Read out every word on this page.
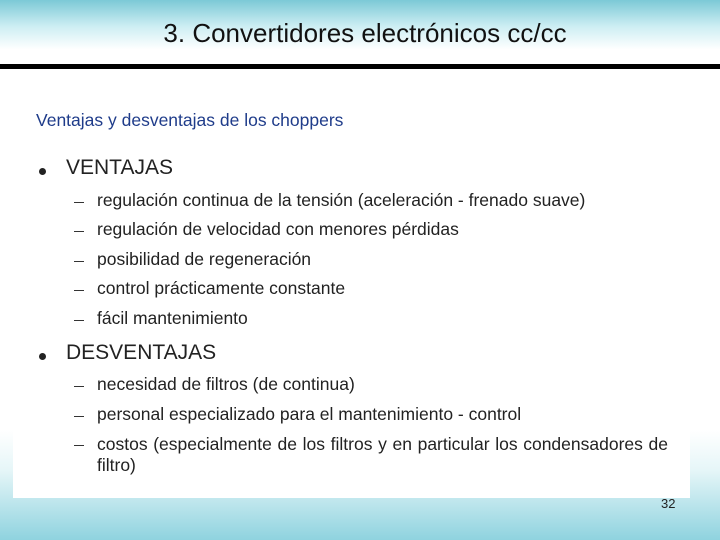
3. Convertidores electrónicos cc/cc
Ventajas y desventajas de los choppers
VENTAJAS
regulación continua de la tensión (aceleración - frenado suave)
regulación de velocidad con menores pérdidas
posibilidad de regeneración
control prácticamente constante
fácil mantenimiento
DESVENTAJAS
necesidad de filtros (de continua)
personal especializado para el mantenimiento - control
costos (especialmente de los filtros y en particular los condensadores de filtro)
32
